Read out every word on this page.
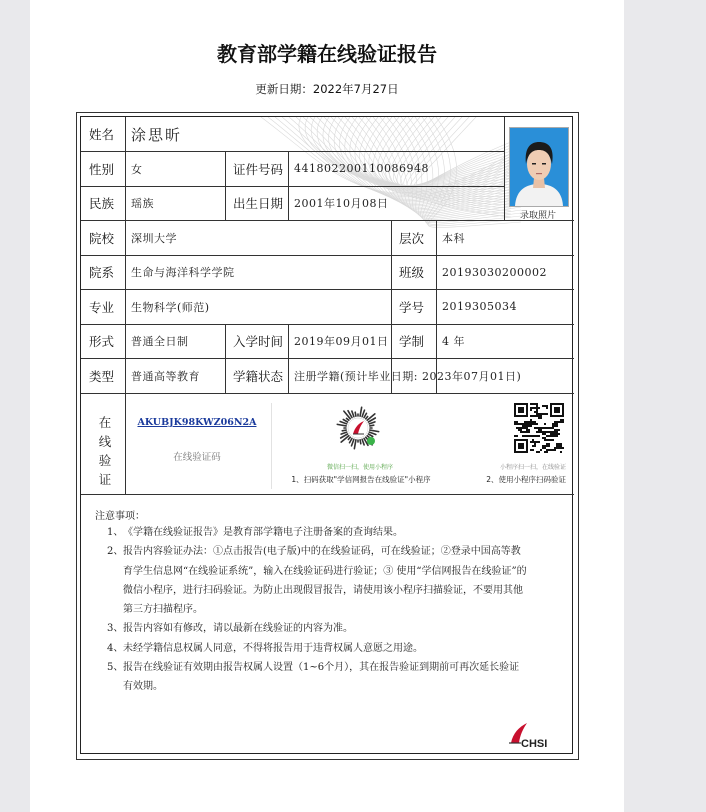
教育部学籍在线验证报告
更新日期：2022年7月27日
姓名	涂思昕
性别	女	证件号码 441802200110086948
民族	瑶族	出生日期 2001年10月08日
院校	深圳大学	层次	本科
院系	生命与海洋科学学院	班级	20193030200002
专业	生物科学(师范)	学号	2019305034
形式	普通全日制	入学时间 2019年09月01日 学制	4 年
类型	普通高等教育	学籍状态 注册学籍(预计毕业日期: 2023年07月01日)
录取照片
在线验证
AKUBJK98KWZ06N2A
在线验证码
微信扫一扫，使用小程序
1、扫码获取"学信网报告在线验证"小程序
小程序扫一扫，在线验证
2、使用小程序扫码验证
注意事项：
1、 《学籍在线验证报告》是教育部学籍电子注册备案的查询结果。
2、 报告内容验证办法：①点击报告(电子版)中的在线验证码，可在线验证；②登录中国高等教育学生信息网“在线验证系统”，输入在线验证码进行验证；③ 使用“学信网报告在线验证”的微信小程序，进行扫码验证。为防止出现假冒报告，请使用该小程序扫描验证，不要用其他第三方扫描程序。
3、 报告内容如有修改，请以最新在线验证的内容为准。
4、 未经学籍信息权属人同意，不得将报告用于违背权属人意愿之用途。
5、 报告在线验证有效期由报告权属人设置（1~6个月），其在报告验证到期前可再次延长验证有效期。
CHSI
